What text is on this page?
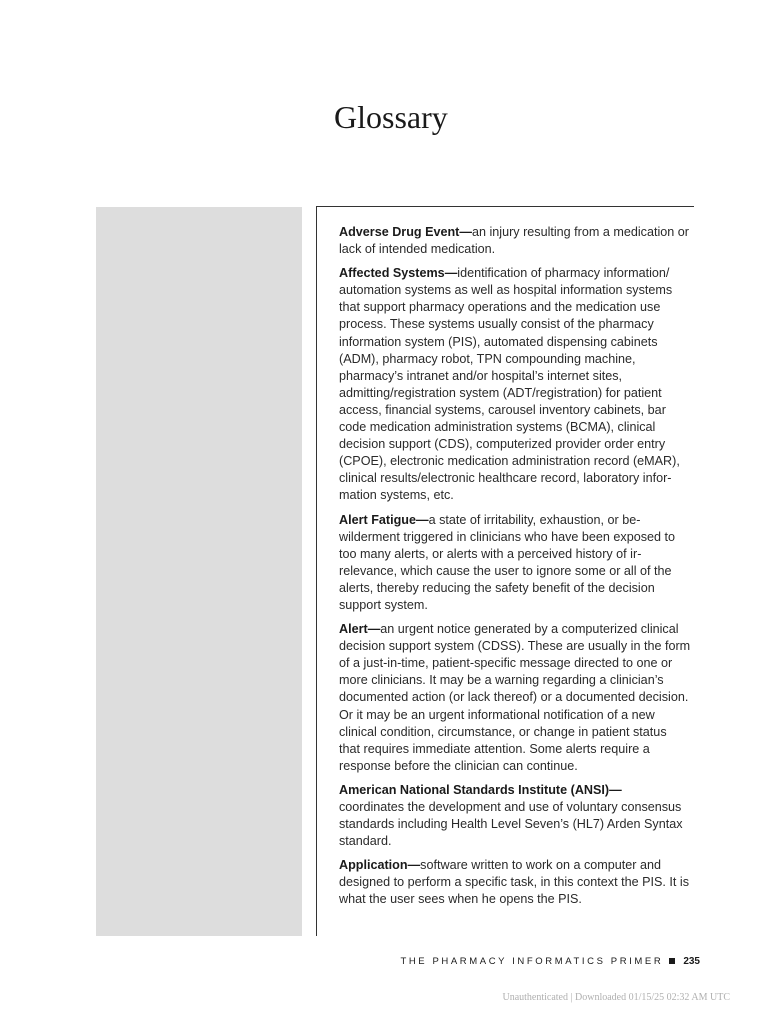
Glossary
Adverse Drug Event—an injury resulting from a medication or lack of intended medication.
Affected Systems—identification of pharmacy information/ automation systems as well as hospital information systems that support pharmacy operations and the medication use process. These systems usually consist of the pharmacy information system (PIS), automated dispensing cabinets (ADM), pharmacy robot, TPN compounding machine, pharmacy’s intranet and/or hospital’s internet sites, admitting/registration system (ADT/registration) for patient access, financial systems, carousel inventory cabinets, bar code medication administration systems (BCMA), clinical decision support (CDS), computerized provider order entry (CPOE), electronic medication administration record (eMAR), clinical results/electronic healthcare record, laboratory information systems, etc.
Alert Fatigue—a state of irritability, exhaustion, or bewilderment triggered in clinicians who have been exposed to too many alerts, or alerts with a perceived history of irrelevance, which cause the user to ignore some or all of the alerts, thereby reducing the safety benefit of the decision support system.
Alert—an urgent notice generated by a computerized clinical decision support system (CDSS). These are usually in the form of a just-in-time, patient-specific message directed to one or more clinicians. It may be a warning regarding a clinician’s documented action (or lack thereof) or a documented decision. Or it may be an urgent informational notification of a new clinical condition, circumstance, or change in patient status that requires immediate attention. Some alerts require a response before the clinician can continue.
American National Standards Institute (ANSI)—
coordinates the development and use of voluntary consensus standards including Health Level Seven’s (HL7) Arden Syntax standard.
Application—software written to work on a computer and designed to perform a specific task, in this context the PIS. It is what the user sees when he opens the PIS.
THE PHARMACY INFORMATICS PRIMER 235
Unauthenticated | Downloaded 01/15/25 02:32 AM UTC
